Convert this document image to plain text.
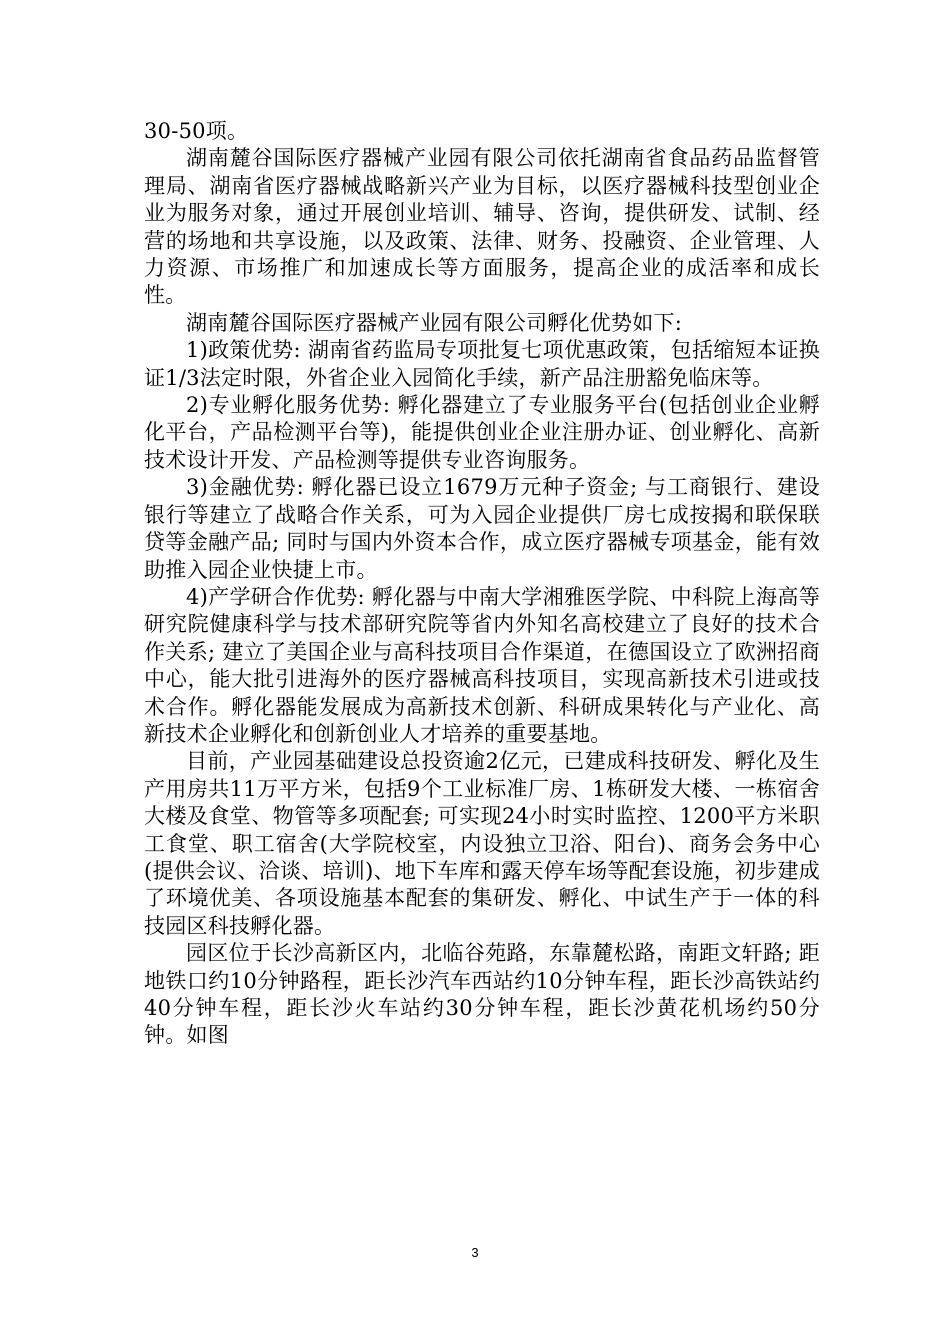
30-50项。

湖南麓谷国际医疗器械产业园有限公司依托湖南省食品药品监督管理局、湖南省医疗器械战略新兴产业为目标，以医疗器械科技型创业企业为服务对象，通过开展创业培训、辅导、咨询，提供研发、试制、经营的场地和共享设施，以及政策、法律、财务、投融资、企业管理、人力资源、市场推广和加速成长等方面服务，提高企业的成活率和成长性。

湖南麓谷国际医疗器械产业园有限公司孵化优势如下:

1)政策优势: 湖南省药监局专项批复七项优惠政策，包括缩短本证换证1/3法定时限，外省企业入园简化手续，新产品注册豁免临床等。

2)专业孵化服务优势: 孵化器建立了专业服务平台(包括创业企业孵化平台，产品检测平台等)，能提供创业企业注册办证、创业孵化、高新技术设计开发、产品检测等提供专业咨询服务。

3)金融优势: 孵化器已设立1679万元种子资金; 与工商银行、建设银行等建立了战略合作关系，可为入园企业提供厂房七成按揭和联保联贷等金融产品; 同时与国内外资本合作，成立医疗器械专项基金，能有效助推入园企业快捷上市。

4)产学研合作优势: 孵化器与中南大学湘雅医学院、中科院上海高等研究院健康科学与技术部研究院等省内外知名高校建立了良好的技术合作关系; 建立了美国企业与高科技项目合作渠道，在德国设立了欧洲招商中心，能大批引进海外的医疗器械高科技项目，实现高新技术引进或技术合作。孵化器能发展成为高新技术创新、科研成果转化与产业化、高新技术企业孵化和创新创业人才培养的重要基地。

目前，产业园基础建设总投资逾2亿元，已建成科技研发、孵化及生产用房共11万平方米，包括9个工业标准厂房、1栋研发大楼、一栋宿舍大楼及食堂、物管等多项配套; 可实现24小时实时监控、1200平方米职工食堂、职工宿舍(大学院校室，内设独立卫浴、阳台)、商务会务中心(提供会议、洽谈、培训)、地下车库和露天停车场等配套设施，初步建成了环境优美、各项设施基本配套的集研发、孵化、中试生产于一体的科技园区科技孵化器。

园区位于长沙高新区内，北临谷苑路，东靠麓松路，南距文轩路; 距地铁口约10分钟路程，距长沙汽车西站约10分钟车程，距长沙高铁站约40分钟车程，距长沙火车站约30分钟车程，距长沙黄花机场约50分钟。如图

3
